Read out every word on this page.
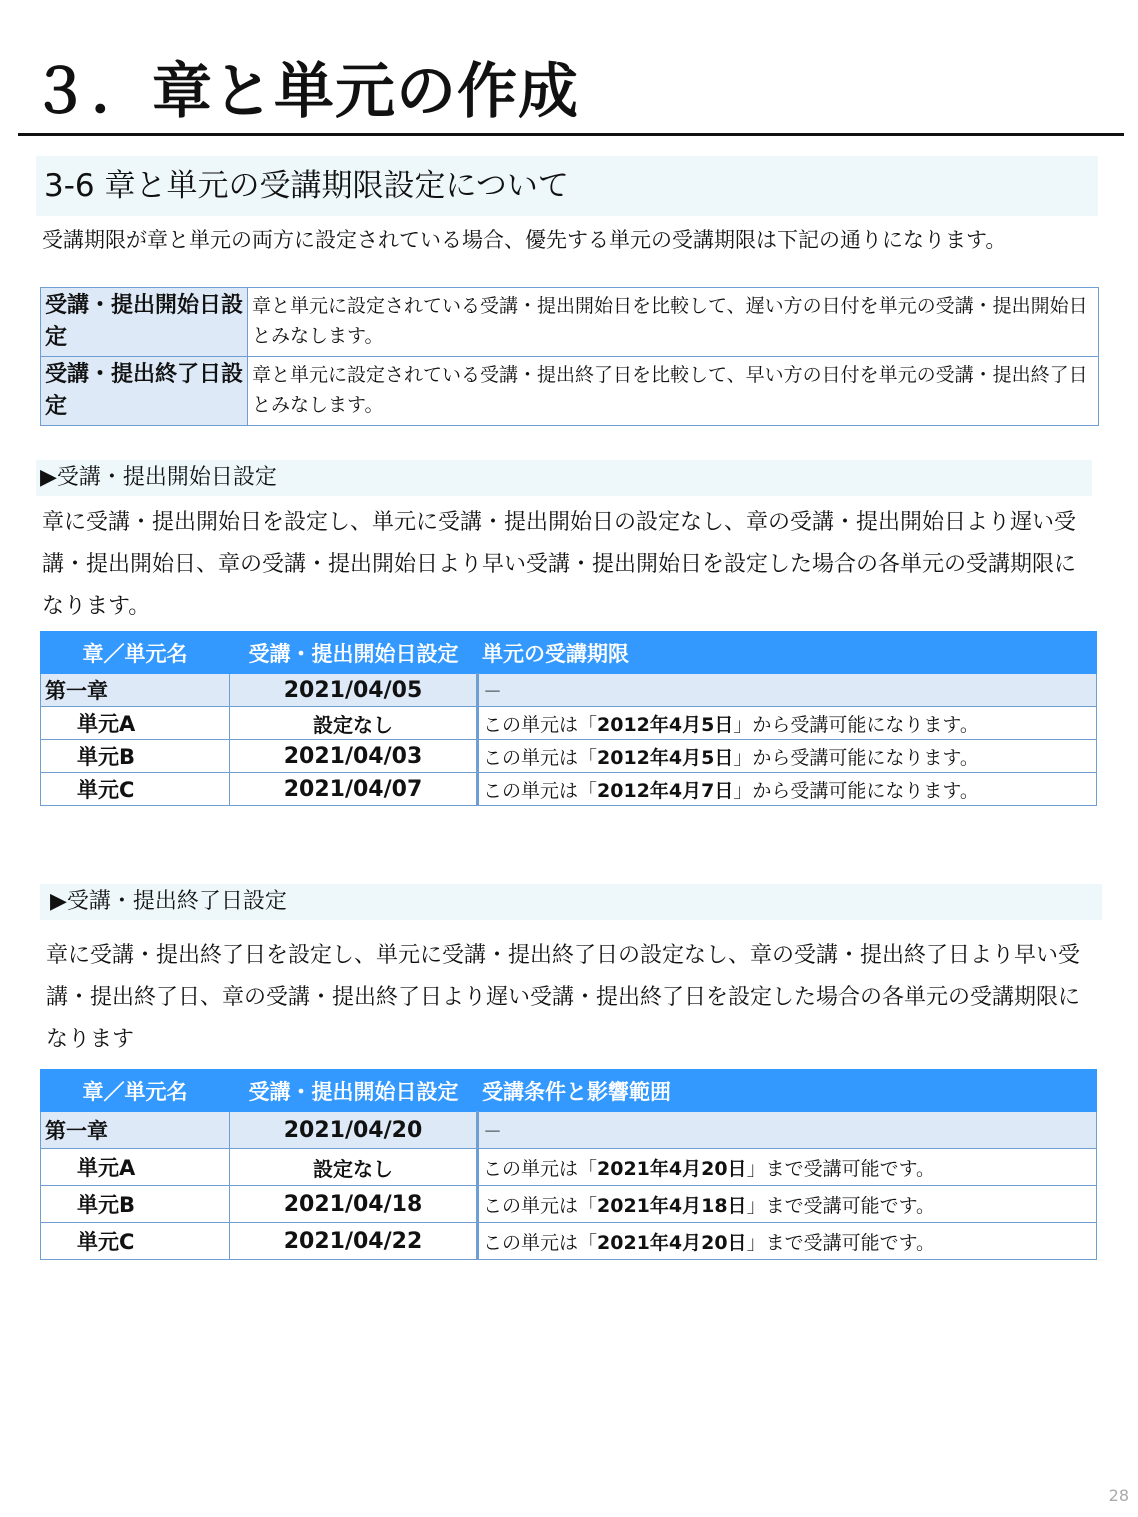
３．章と単元の作成
3-6 章と単元の受講期限設定について
受講期限が章と単元の両方に設定されている場合、優先する単元の受講期限は下記の通りになります。
受講・提出開始日設定	章と単元に設定されている受講・提出開始日を比較して、遅い方の日付を単元の受講・提出開始日とみなします。
受講・提出終了日設定	章と単元に設定されている受講・提出終了日を比較して、早い方の日付を単元の受講・提出終了日とみなします。
▶受講・提出開始日設定
章に受講・提出開始日を設定し、単元に受講・提出開始日の設定なし、章の受講・提出開始日より遅い受講・提出開始日、章の受講・提出開始日より早い受講・提出開始日を設定した場合の各単元の受講期限になります。
章／単元名	受講・提出開始日設定	単元の受講期限
第一章	2021/04/05	－
単元A	設定なし	この単元は「2012年4月5日」から受講可能になります。
単元B	2021/04/03	この単元は「2012年4月5日」から受講可能になります。
単元C	2021/04/07	この単元は「2012年4月7日」から受講可能になります。
▶受講・提出終了日設定
章に受講・提出終了日を設定し、単元に受講・提出終了日の設定なし、章の受講・提出終了日より早い受講・提出終了日、章の受講・提出終了日より遅い受講・提出終了日を設定した場合の各単元の受講期限になります
章／単元名	受講・提出開始日設定	受講条件と影響範囲
第一章	2021/04/20	－
単元A	設定なし	この単元は「2021年4月20日」まで受講可能です。
単元B	2021/04/18	この単元は「2021年4月18日」まで受講可能です。
単元C	2021/04/22	この単元は「2021年4月20日」まで受講可能です。
28
